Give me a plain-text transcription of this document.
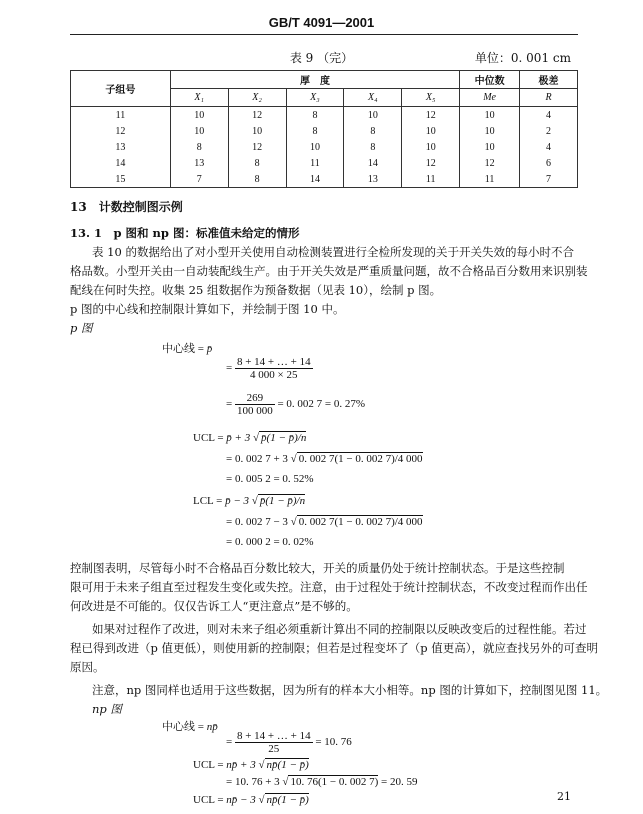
GB/T 4091—2001
表 9 （完）	单位：0. 001 cm
子组号	厚　度					中位数	极差
	X₁	X₂	X₃	X₄	X₅	Me	R
11	10	12	8	10	12	10	4
12	10	10	8	8	10	10	2
13	8	12	10	8	10	10	4
14	13	8	11	14	12	12	6
15	7	8	14	13	11	11	7
13　计数控制图示例
13. 1　p 图和 np 图：标准值未给定的情形
表 10 的数据给出了对小型开关使用自动检测装置进行全检所发现的关于开关失效的每小时不合
格品数。小型开关由一自动装配线生产。由于开关失效是严重质量问题，故不合格品百分数用来识别装
配线在何时失控。收集 25 组数据作为预备数据（见表 10），绘制 p 图。
p 图的中心线和控制限计算如下，并绘制于图 10 中。
p 图
中心线 = p̄
= $\frac{8 + 14 + \dots + 14}{4 000 \times 25}$
= $\frac{269}{100 000} = 0$. 002 7 = 0. 27%
UCL = p̄ + 3 √ p̄(1 − p̄)/n
= 0. 002 7 + 3 √ 0. 002 7(1 − 0. 002 7)/4 000
= 0. 005 2 = 0. 52%
LCL = p̄ − 3 √ p̄(1 − p̄)/n
= 0. 002 7 − 3 √ 0. 002 7(1 − 0. 002 7)/4 000
= 0. 000 2 = 0. 02%
控制图表明，尽管每小时不合格品百分数比较大，开关的质量仍处于统计控制状态。于是这些控制
限可用于未来子组直至过程发生变化或失控。注意，由于过程处于统计控制状态，不改变过程而作出任
何改进是不可能的。仅仅告诉工人“更注意点”是不够的。
如果对过程作了改进，则对未来子组必须重新计算出不同的控制限以反映改变后的过程性能。若过
程已得到改进（p 值更低），则使用新的控制限；但若是过程变坏了（p 值更高），就应查找另外的可查明
原因。
注意，np 图同样也适用于这些数据，因为所有的样本大小相等。np 图的计算如下，控制图见图 11。
np 图
中心线 = np̄
= $\frac{8 + 14 + \dots + 14}{25} = 10$. 76
UCL = np̄ + 3 √ np̄(1 − p̄)
= 10. 76 + 3 √ 10. 76(1 − 0. 002 7) = 20. 59
UCL = np̄ − 3 √ np̄(1 − p̄)	21
